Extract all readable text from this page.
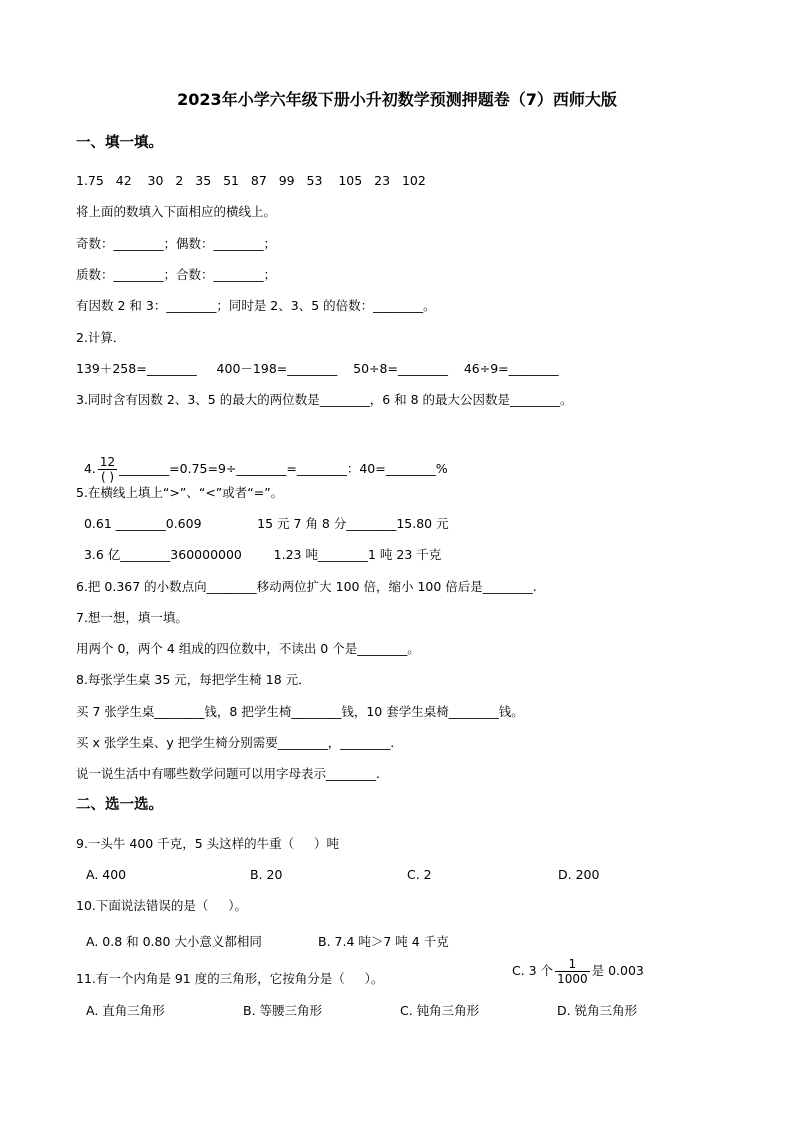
2023年小学六年级下册小升初数学预测押题卷（7）西师大版
一、填一填。
1.75   42    30   2   35   51   87   99   53    105   23   102
将上面的数填入下面相应的横线上。
奇数：________；偶数：________；
质数：________；合数：________；
有因数 2 和 3：________；同时是 2、3、5 的倍数：________。
2.计算．
139＋258=________     400－198=________    50÷8=________    46÷9=________
3.同时含有因数 2、3、5 的最大的两位数是________，6 和 8 的最大公因数是________。

4. $\frac{12}{( )}$ ________=0.75=9÷________=________：40=________%

5.在横线上填上“>”、“<”或者“=”。
0.61 ________0.609              15 元 7 角 8 分________15.80 元
3.6 亿________360000000        1.23 吨________1 吨 23 千克
6.把 0.367 的小数点向________移动两位扩大 100 倍，缩小 100 倍后是________.
7.想一想，填一填。
用两个 0，两个 4 组成的四位数中，不读出 0 个是________。
8.每张学生桌 35 元，每把学生椅 18 元．
买 7 张学生桌________钱，8 把学生椅________钱，10 套学生桌椅________钱。
买 x 张学生桌、y 把学生椅分别需要________，________.
说一说生活中有哪些数学问题可以用字母表示________.
二、选一选。
9.一头牛 400 千克，5 头这样的牛重（     ）吨
A. 400	B. 20	C. 2	D. 200
10.下面说法错误的是（     ）。
A. 0.8 和 0.80 大小意义都相同	B. 7.4 吨＞7 吨 4 千克

C. 3 个 $\frac{1}{1000}$ 是 0.003

11.有一个内角是 91 度的三角形，它按角分是（     ）。
A. 直角三角形	B. 等腰三角形	C. 钝角三角形	D. 锐角三角形
